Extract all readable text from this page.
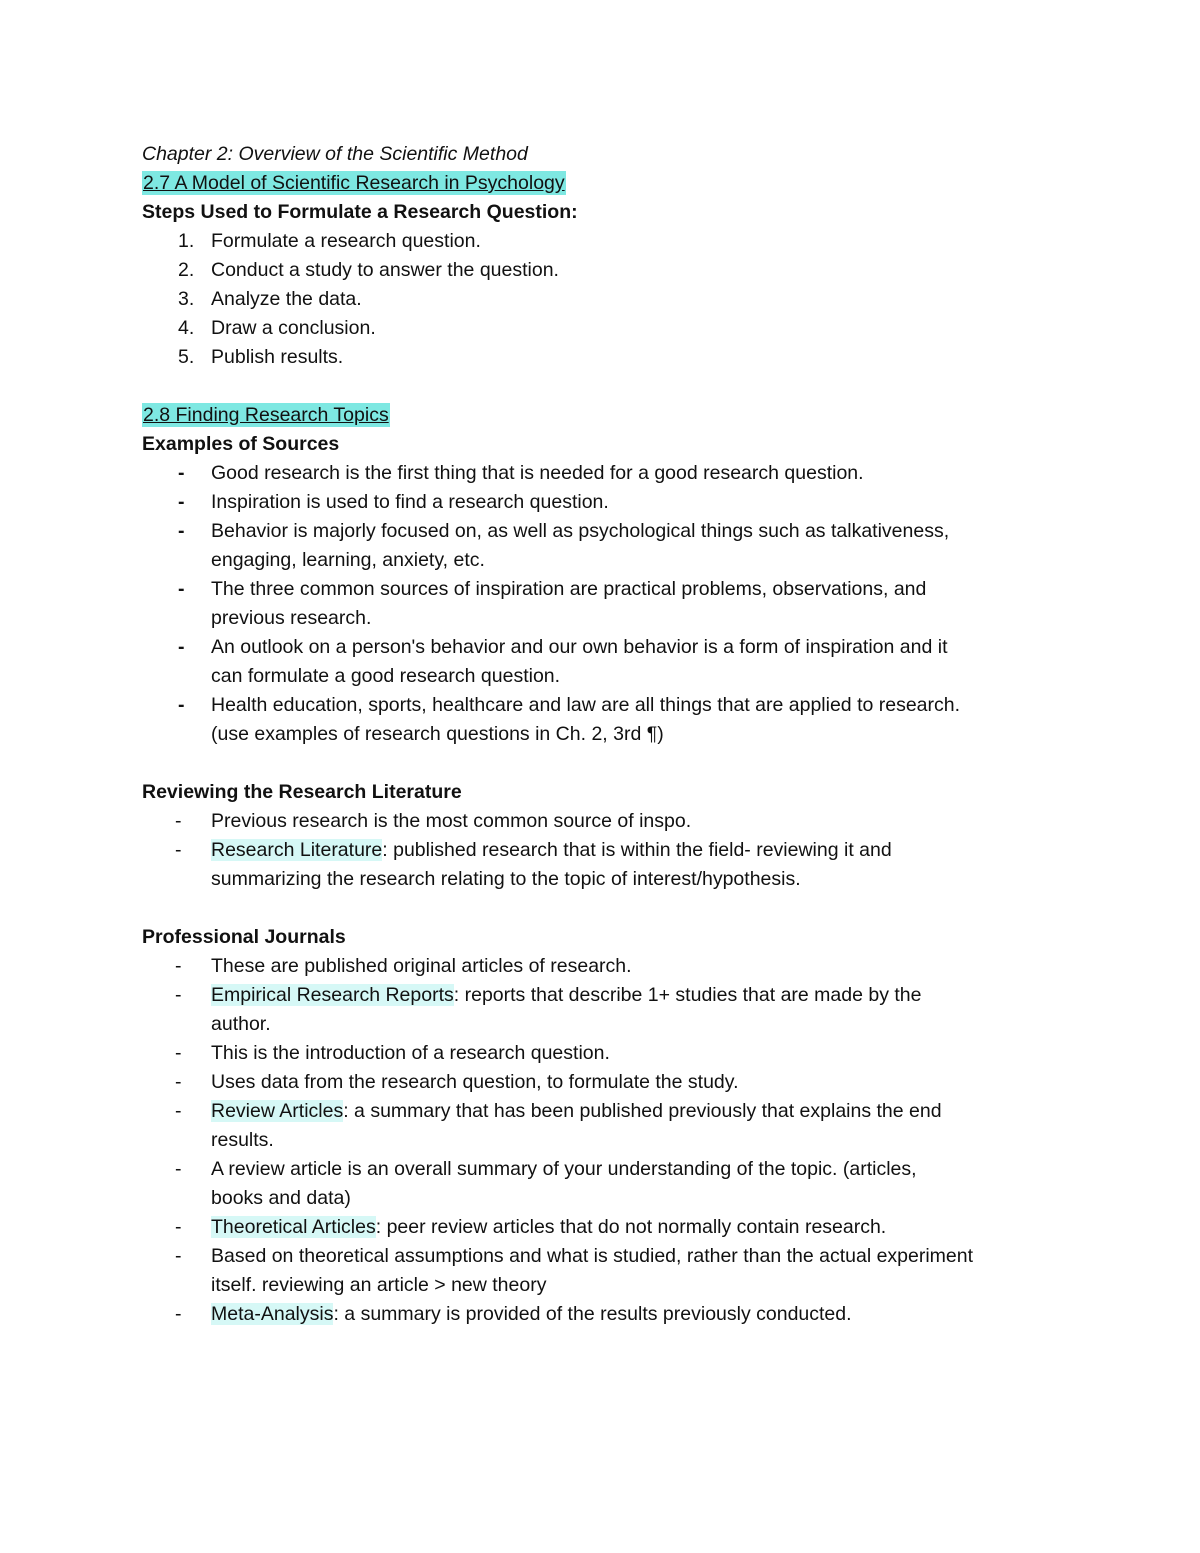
Chapter 2: Overview of the Scientific Method

2.7 A Model of Scientific Research in Psychology

Steps Used to Formulate a Research Question:

1. Formulate a research question.
2. Conduct a study to answer the question.
3. Analyze the data.
4. Draw a conclusion.
5. Publish results.

2.8 Finding Research Topics

Examples of Sources

- Good research is the first thing that is needed for a good research question.
- Inspiration is used to find a research question.
- Behavior is majorly focused on, as well as psychological things such as talkativeness,
engaging, learning, anxiety, etc.
- The three common sources of inspiration are practical problems, observations, and
previous research.
- An outlook on a person's behavior and our own behavior is a form of inspiration and it
can formulate a good research question.
- Health education, sports, healthcare and law are all things that are applied to research.
(use examples of research questions in Ch. 2, 3rd ¶)

Reviewing the Research Literature

- Previous research is the most common source of inspo.
- Research Literature: published research that is within the field- reviewing it and
summarizing the research relating to the topic of interest/hypothesis.

Professional Journals

- These are published original articles of research.
- Empirical Research Reports: reports that describe 1+ studies that are made by the
author.
- This is the introduction of a research question.
- Uses data from the research question, to formulate the study.
- Review Articles: a summary that has been published previously that explains the end
results.
- A review article is an overall summary of your understanding of the topic. (articles,
books and data)
- Theoretical Articles: peer review articles that do not normally contain research.
- Based on theoretical assumptions and what is studied, rather than the actual experiment
itself. reviewing an article > new theory
- Meta-Analysis: a summary is provided of the results previously conducted.
